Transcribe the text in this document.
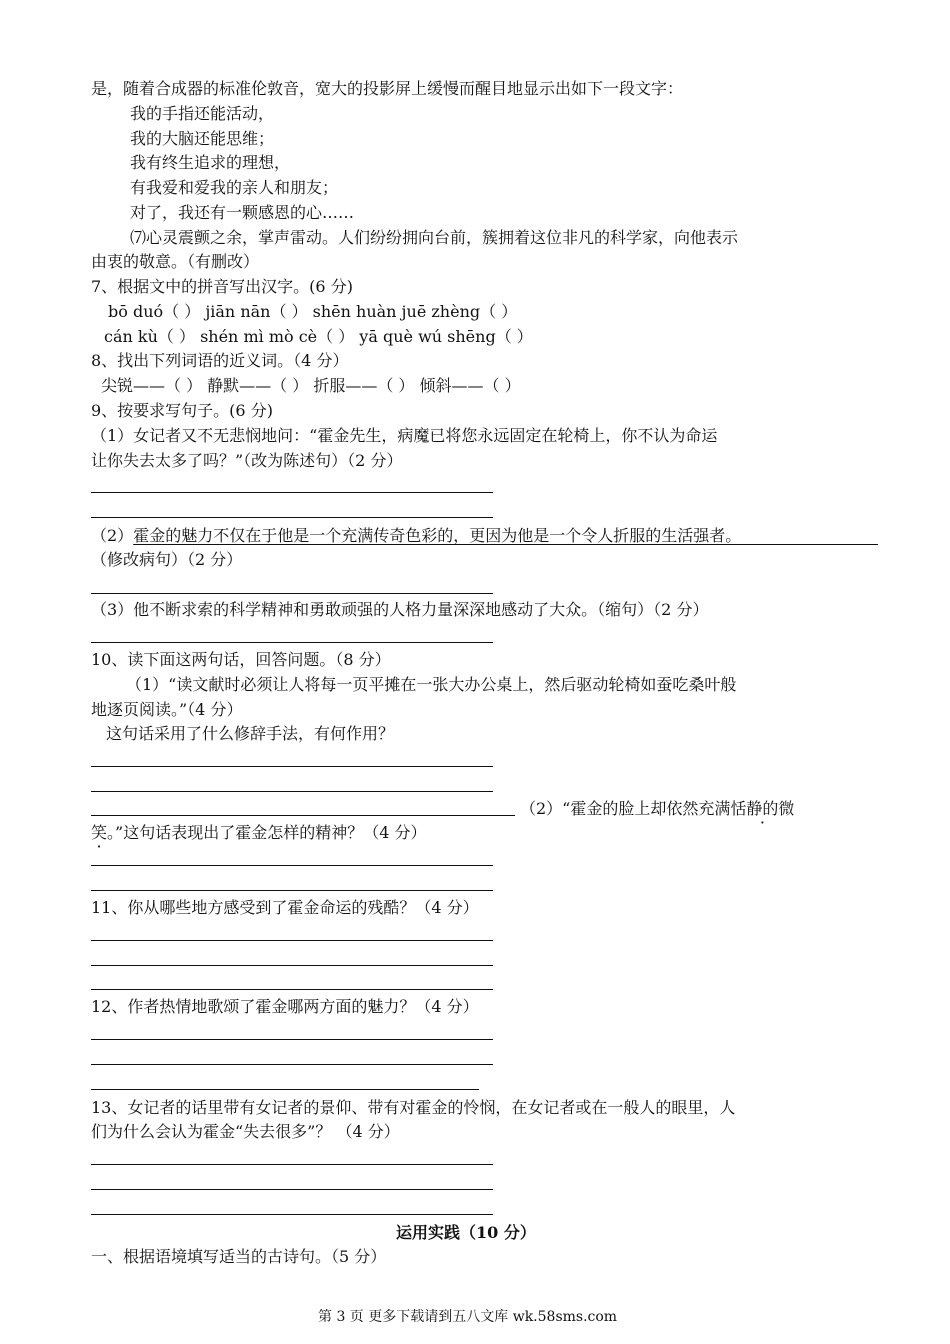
是，随着合成器的标准伦敦音，宽大的投影屏上缓慢而醒目地显示出如下一段文字：
我的手指还能活动，
我的大脑还能思维；
我有终生追求的理想，
有我爱和爱我的亲人和朋友；
对了，我还有一颗感恩的心……
⑺心灵震颤之余，掌声雷动。人们纷纷拥向台前，簇拥着这位非凡的科学家，向他表示
由衷的敬意。（有删改）
7、根据文中的拼音写出汉字。(6 分)
bō duó（ ） jiān nān（ ） shēn huàn juē zhèng（ ）
cán kù（ ） shén mì mò cè（ ） yā què wú shēng（ ）
8、找出下列词语的近义词。（4 分）
尖锐——（ ） 静默——（ ） 折服——（ ） 倾斜——（ ）
9、按要求写句子。(6 分)
（1）女记者又不无悲悯地问：“霍金先生，病魔已将您永远固定在轮椅上，你不认为命运
让你失去太多了吗？”（改为陈述句）（2 分）
（2）霍金的魅力不仅在于他是一个充满传奇色彩的，更因为他是一个令人折服的生活强者。
（修改病句）（2 分）
（3）他不断求索的科学精神和勇敢顽强的人格力量深深地感动了大众。（缩句）（2 分）
10、读下面这两句话，回答问题。（8 分）
（1）“读文献时必须让人将每一页平摊在一张大办公桌上，然后驱动轮椅如蚕吃桑叶般
地逐页阅读。”（4 分）
这句话采用了什么修辞手法，有何作用？
（2）“霍金的脸上却依然充满恬静的微
笑。”这句话表现出了霍金怎样的精神？（4 分）
11、你从哪些地方感受到了霍金命运的残酷？（4 分）
12、作者热情地歌颂了霍金哪两方面的魅力？（4 分）
13、女记者的话里带有女记者的景仰、带有对霍金的怜悯，在女记者或在一般人的眼里，人
们为什么会认为霍金“失去很多”？ （4 分）
运用实践（10 分）
一、根据语境填写适当的古诗句。（5 分）
第 3 页 更多下载请到五八文库 wk.58sms.com
